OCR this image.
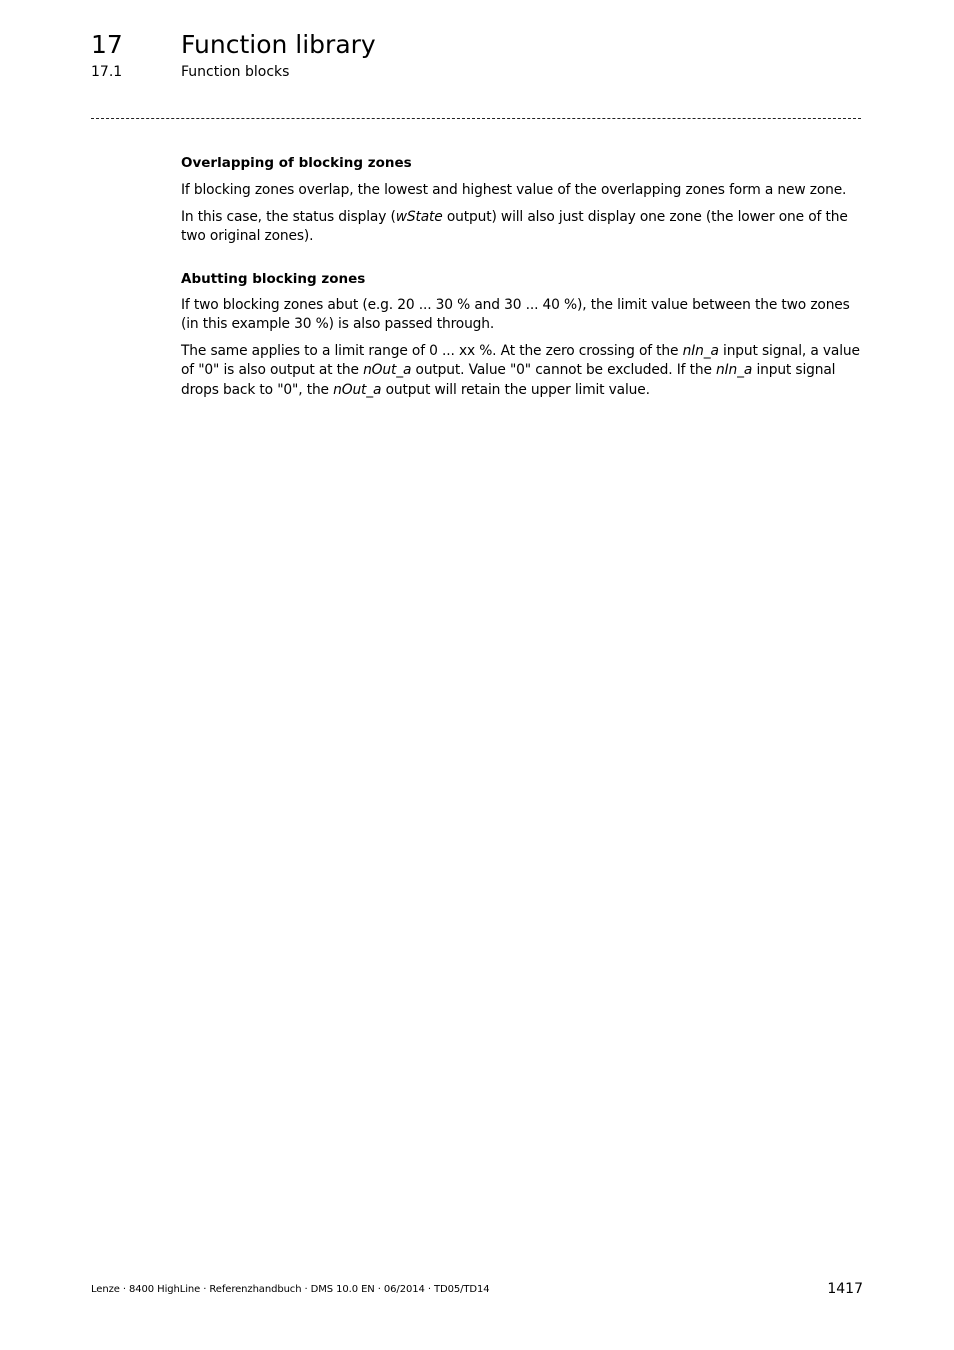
17 Function library
17.1	Function blocks
Overlapping of blocking zones

If blocking zones overlap, the lowest and highest value of the overlapping zones form a new zone.

In this case, the status display (wState output) will also just display one zone (the lower one of the two original zones).

Abutting blocking zones

If two blocking zones abut (e.g. 20 ... 30 % and 30 ... 40 %), the limit value between the two zones (in this example 30 %) is also passed through.

The same applies to a limit range of 0 ... xx %. At the zero crossing of the nIn_a input signal, a value of "0" is also output at the nOut_a output. Value "0" cannot be excluded. If the nIn_a input signal drops back to "0", the nOut_a output will retain the upper limit value.

Lenze · 8400 HighLine · Referenzhandbuch · DMS 10.0 EN · 06/2014 · TD05/TD14	1417
